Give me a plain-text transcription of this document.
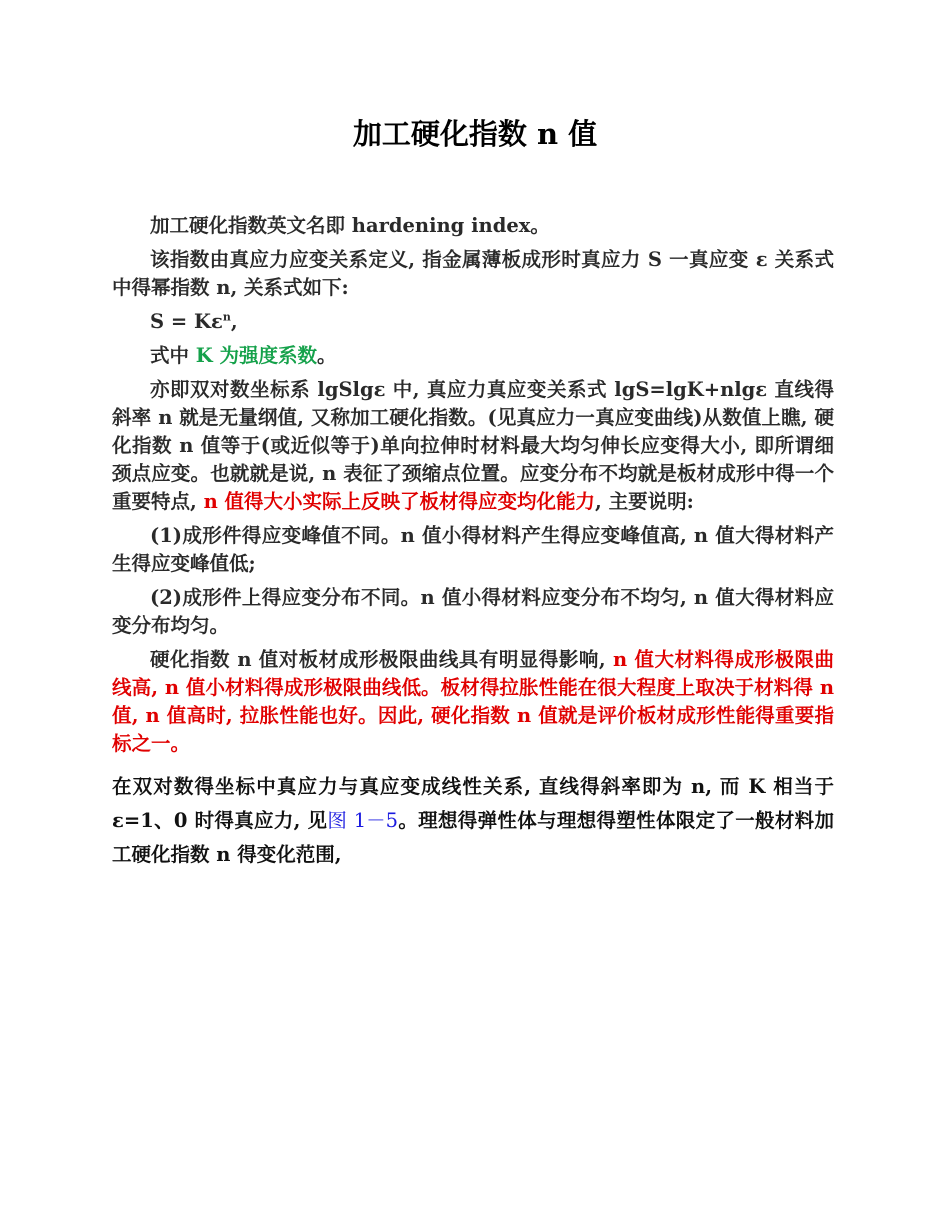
加工硬化指数 n 值

加工硬化指数英文名即 hardening index。

该指数由真应力应变关系定义, 指金属薄板成形时真应力 S 一真应变 ε 关系式中得幂指数 n, 关系式如下:

$S = K\varepsilon^n$,

式中 K 为强度系数。

亦即双对数坐标系 lgSlgε 中, 真应力真应变关系式 lgS=lgK+nlgε 直线得斜率 n 就是无量纲值, 又称加工硬化指数。(见真应力一真应变曲线)从数值上瞧, 硬化指数 n 值等于(或近似等于)单向拉伸时材料最大均匀伸长应变得大小, 即所谓细颈点应变。也就就是说, n 表征了颈缩点位置。应变分布不均就是板材成形中得一个重要特点, n 值得大小实际上反映了板材得应变均化能力, 主要说明:

(1)成形件得应变峰值不同。n 值小得材料产生得应变峰值高, n 值大得材料产生得应变峰值低;

(2)成形件上得应变分布不同。n 值小得材料应变分布不均匀, n 值大得材料应变分布均匀。

硬化指数 n 值对板材成形极限曲线具有明显得影响, n 值大材料得成形极限曲线高, n 值小材料得成形极限曲线低。板材得拉胀性能在很大程度上取决于材料得 n 值, n 值高时, 拉胀性能也好。因此, 硬化指数 n 值就是评价板材成形性能得重要指标之一。

在双对数得坐标中真应力与真应变成线性关系, 直线得斜率即为 n, 而 K 相当于 ε=1、0 时得真应力, 见图 1－5。理想得弹性体与理想得塑性体限定了一般材料加工硬化指数 n 得变化范围,
